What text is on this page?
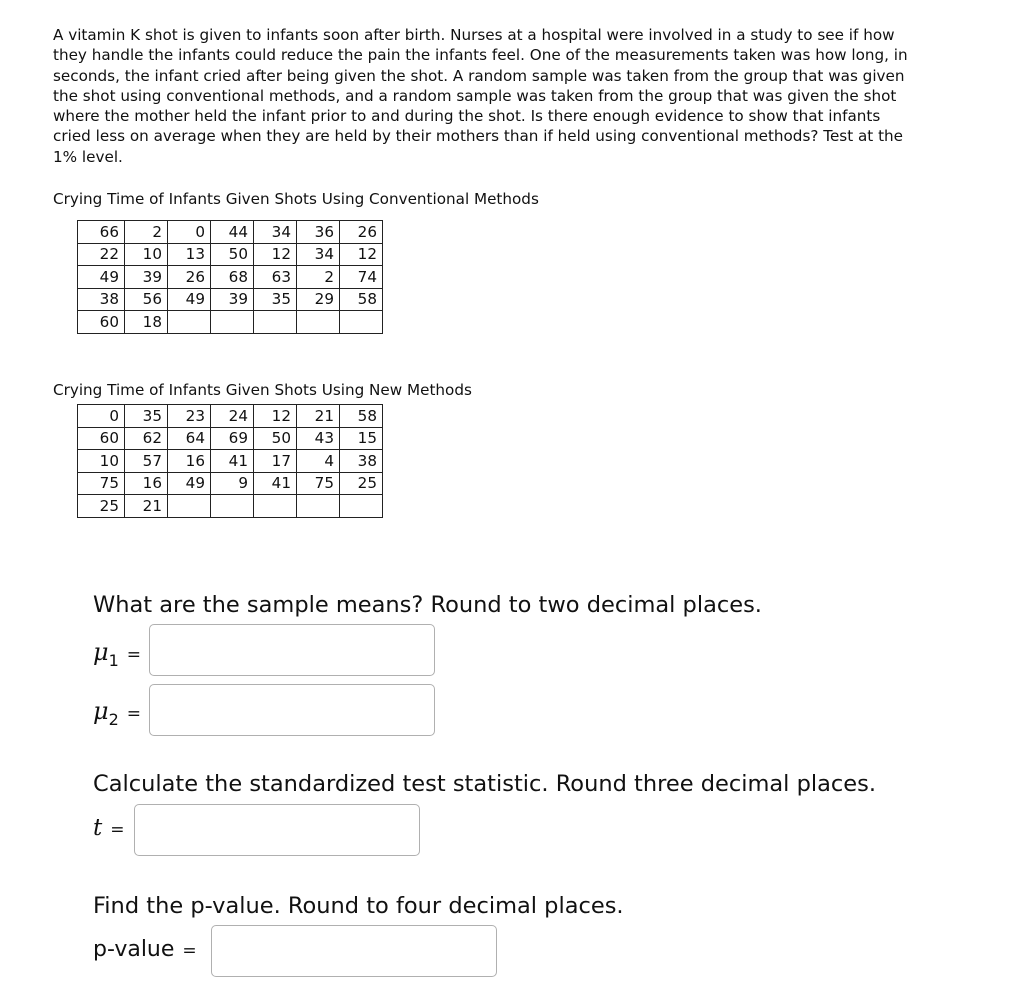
A vitamin K shot is given to infants soon after birth. Nurses at a hospital were involved in a study to see if how they handle the infants could reduce the pain the infants feel. One of the measurements taken was how long, in seconds, the infant cried after being given the shot. A random sample was taken from the group that was given the shot using conventional methods, and a random sample was taken from the group that was given the shot where the mother held the infant prior to and during the shot. Is there enough evidence to show that infants cried less on average when they are held by their mothers than if held using conventional methods? Test at the 1% level.

Crying Time of Infants Given Shots Using Conventional Methods

66	2	0	44	34	36	26
22	10	13	50	12	34	12
49	39	26	68	63	2	74
38	56	49	39	35	29	58
60	18					

Crying Time of Infants Given Shots Using New Methods

0	35	23	24	12	21	58
60	62	64	69	50	43	15
10	57	16	41	17	4	38
75	16	49	9	41	75	25
25	21					

What are the sample means? Round to two decimal places.

$\mu_1$ =
$\mu_2$ =

Calculate the standardized test statistic. Round three decimal places.

t =

Find the p-value. Round to four decimal places.

p-value =
